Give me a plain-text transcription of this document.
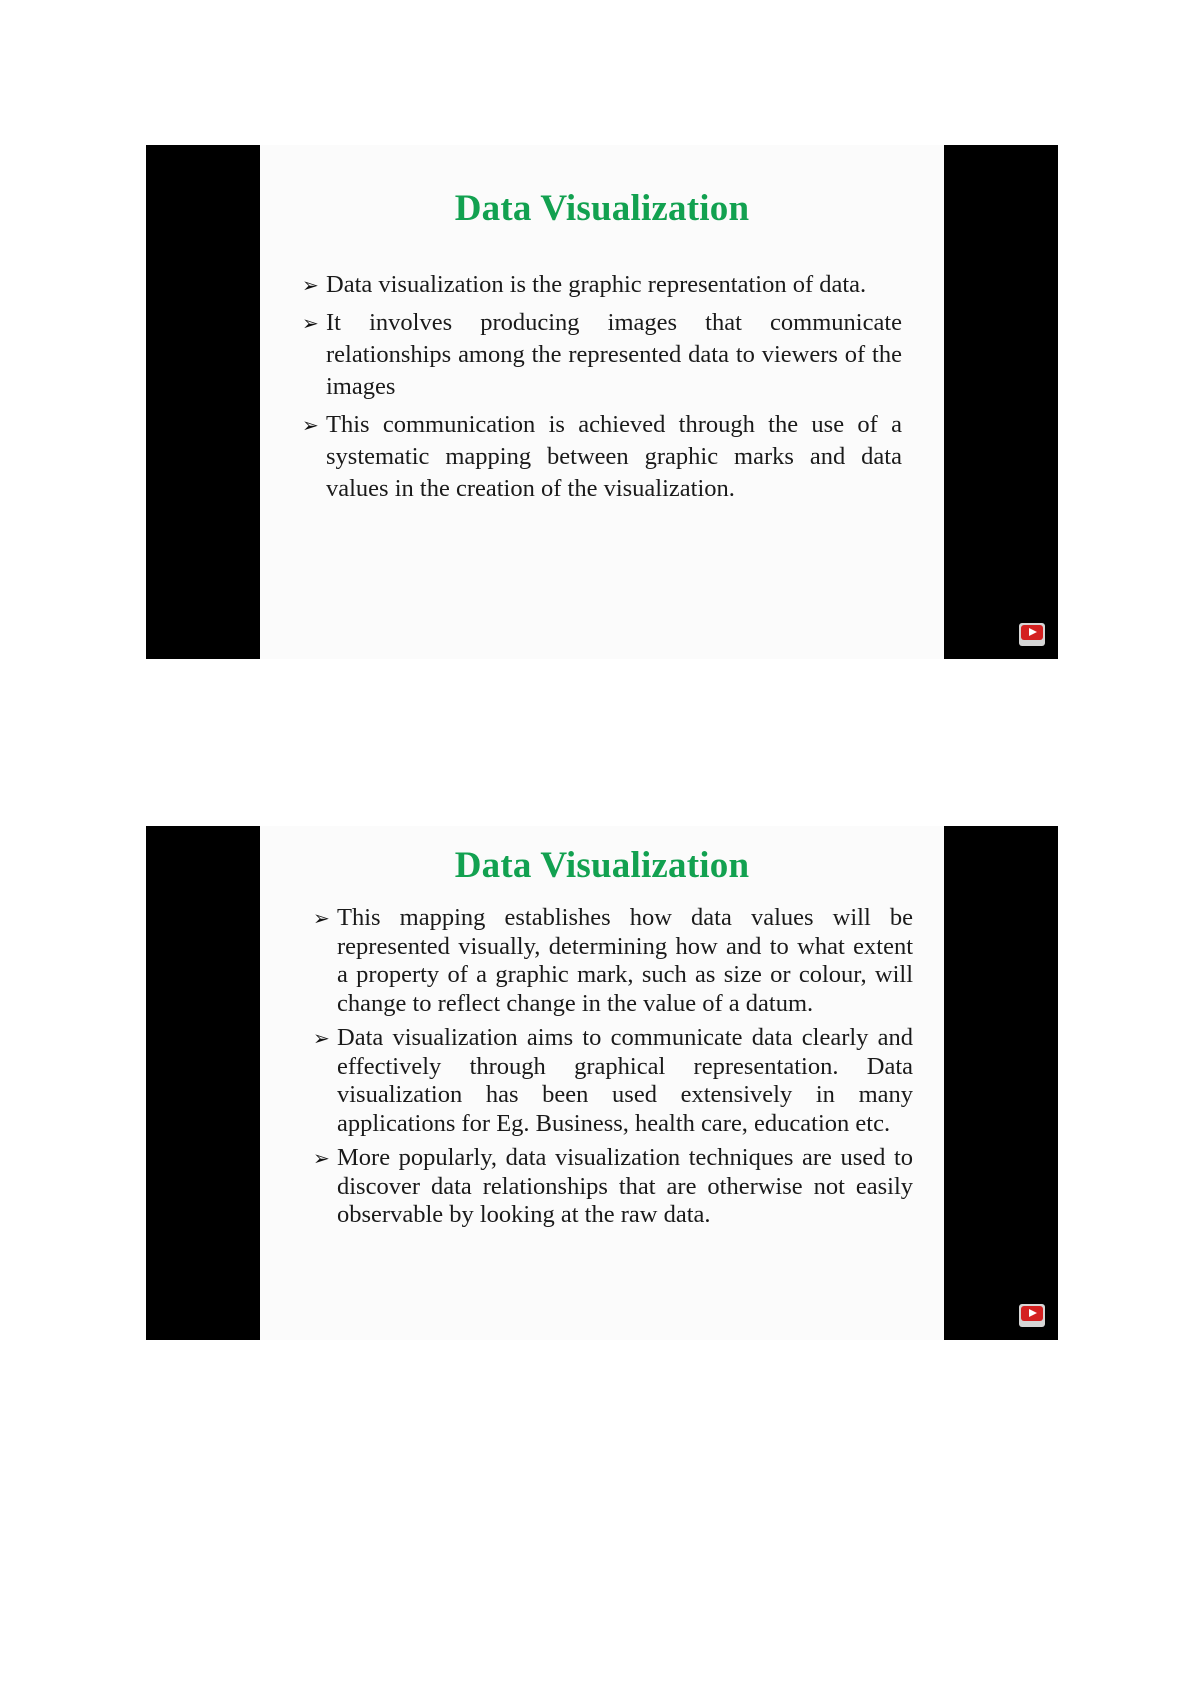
Data Visualization
➢ Data visualization is the graphic representation of data.
➢ It involves producing images that communicate relationships among the represented data to viewers of the images
➢ This communication is achieved through the use of a systematic mapping between graphic marks and data values in the creation of the visualization.
Data Visualization
➢ This mapping establishes how data values will be represented visually, determining how and to what extent a property of a graphic mark, such as size or colour, will change to reflect change in the value of a datum.
➢ Data visualization aims to communicate data clearly and effectively through graphical representation. Data visualization has been used extensively in many applications for Eg. Business, health care, education etc.
➢ More popularly, data visualization techniques are used to discover data relationships that are otherwise not easily observable by looking at the raw data.
